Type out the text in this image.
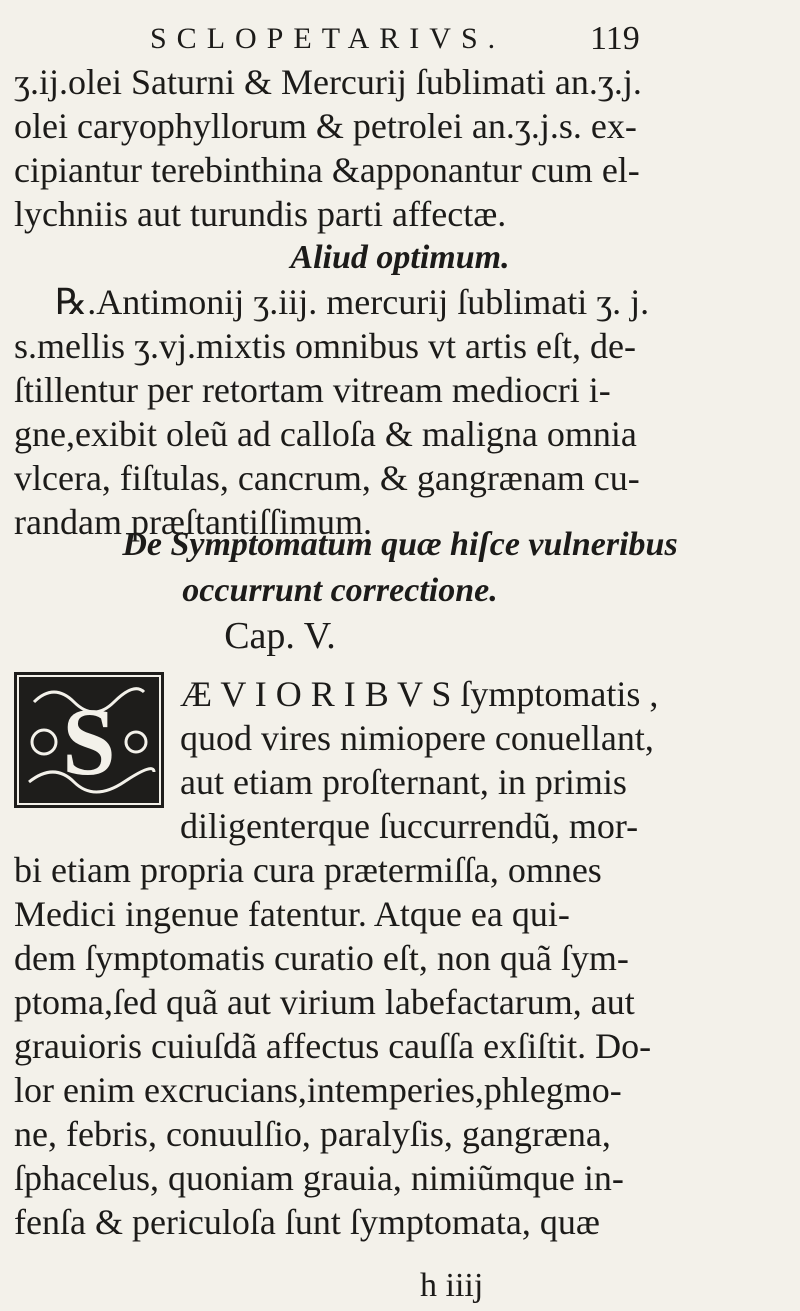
SCLOPETARIVS. 119
ʒ.ij.olei Saturni & Mercurij ſublimati an.ʒ.j.
olei caryophyllorum & petrolei an.ʒ.j.s. ex-
cipiantur terebinthina &apponantur cum el-
lychniis aut turundis parti affectæ.
Aliud optimum.
℞.Antimonij ʒ.iij. mercurij ſublimati ʒ. j.
s.mellis ʒ.vj.mixtis omnibus vt artis eſt, de-
ſtillentur per retortam vitream mediocri i-
gne,exibit oleũ ad calloſa & maligna omnia
vlcera, fiſtulas, cancrum, & gangrænam cu-
randam præſtantiſſimum.
De Symptomatum quæ hiſce vulneribus
occurrunt correctione.
Cap. V.
S Æ V I O R I B V S ſymptomatis ,
quod vires nimiopere conuellant,
aut etiam proſternant, in primis
diligenterque ſuccurrendũ, mor-
bi etiam propria cura prætermiſſa, omnes
Medici ingenue fatentur. Atque ea qui-
dem ſymptomatis curatio eſt, non quã ſym-
ptoma,ſed quã aut virium labefactarum, aut
grauioris cuiuſdã affectus cauſſa exſiſtit. Do-
lor enim excrucians,intemperies,phlegmo-
ne, febris, conuulſio, paralyſis, gangræna,
ſphacelus, quoniam grauia, nimiũmque in-
fenſa & periculoſa ſunt ſymptomata, quæ
h iiij
